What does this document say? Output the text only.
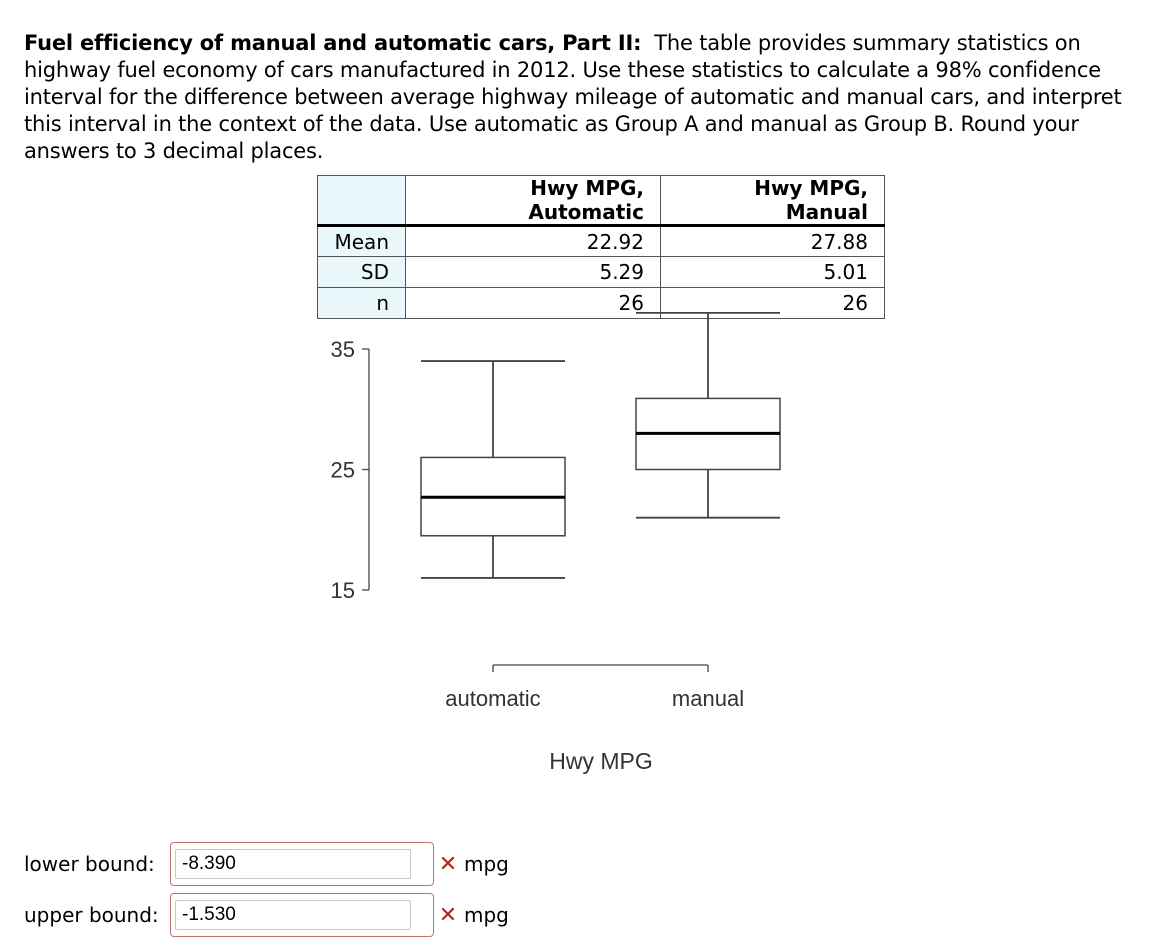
Fuel efficiency of manual and automatic cars, Part II: The table provides summary statistics on highway fuel economy of cars manufactured in 2012. Use these statistics to calculate a 98% confidence interval for the difference between average highway mileage of automatic and manual cars, and interpret this interval in the context of the data. Use automatic as Group A and manual as Group B. Round your answers to 3 decimal places.

	Hwy MPG, Automatic	Hwy MPG, Manual
Mean	22.92	27.88
SD	5.29	5.01
n	26	26
15
25
35
automatic	manual
Hwy MPG
lower bound:
-8.390	✕ mpg
upper bound:
-1.530	✕ mpg
